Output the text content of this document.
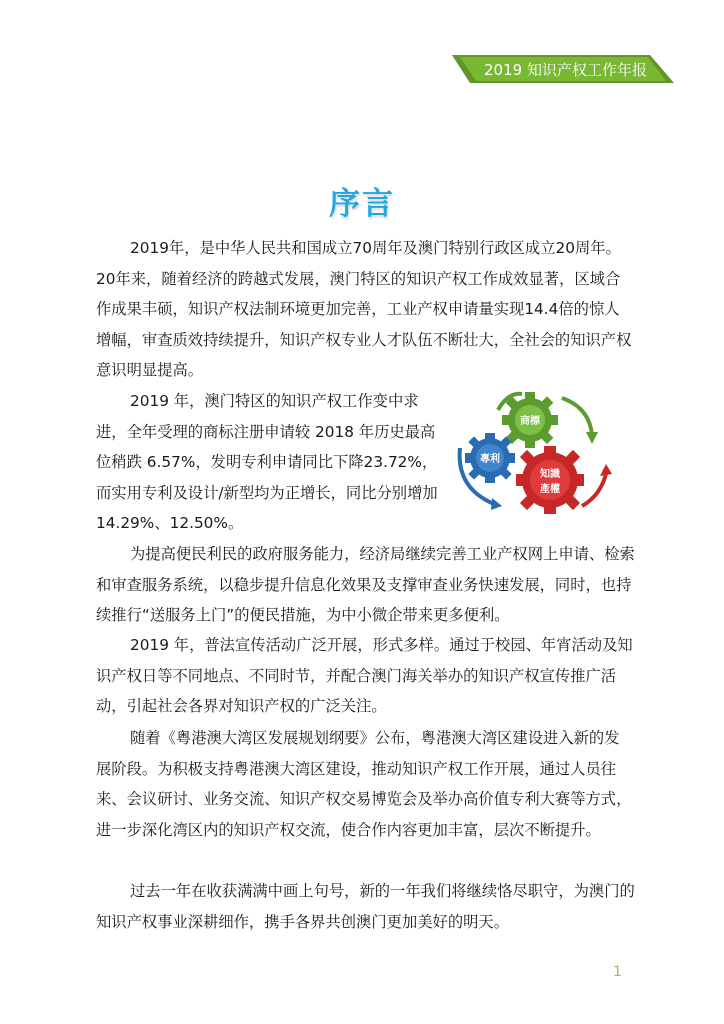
2019 知识产权工作年报
序言

2019年，是中华人民共和国成立70周年及澳门特别行政区成立20周年。20年来，随着经济的跨越式发展，澳门特区的知识产权工作成效显著，区域合作成果丰硕，知识产权法制环境更加完善，工业产权申请量实现14.4倍的惊人增幅，审查质效持续提升，知识产权专业人才队伍不断壮大，全社会的知识产权意识明显提高。

2019 年，澳门特区的知识产权工作变中求进，全年受理的商标注册申请较 2018 年历史最高位稍跌 6.57%，发明专利申请同比下降23.72%，而实用专利及设计/新型均为正增长，同比分别增加 14.29%、12.50%。

商標
專利
知識
產權

为提高便民利民的政府服务能力，经济局继续完善工业产权网上申请、检索和审查服务系统，以稳步提升信息化效果及支撑审查业务快速发展，同时，也持续推行“送服务上门”的便民措施，为中小微企带来更多便利。

2019 年，普法宣传活动广泛开展，形式多样。通过于校园、年宵活动及知识产权日等不同地点、不同时节，并配合澳门海关举办的知识产权宣传推广活动，引起社会各界对知识产权的广泛关注。

随着《粤港澳大湾区发展规划纲要》公布，粤港澳大湾区建设进入新的发展阶段。为积极支持粤港澳大湾区建设，推动知识产权工作开展，通过人员往来、会议研讨、业务交流、知识产权交易博览会及举办高价值专利大赛等方式，进一步深化湾区内的知识产权交流，使合作内容更加丰富，层次不断提升。

过去一年在收获满满中画上句号，新的一年我们将继续恪尽职守，为澳门的知识产权事业深耕细作，携手各界共创澳门更加美好的明天。

1
